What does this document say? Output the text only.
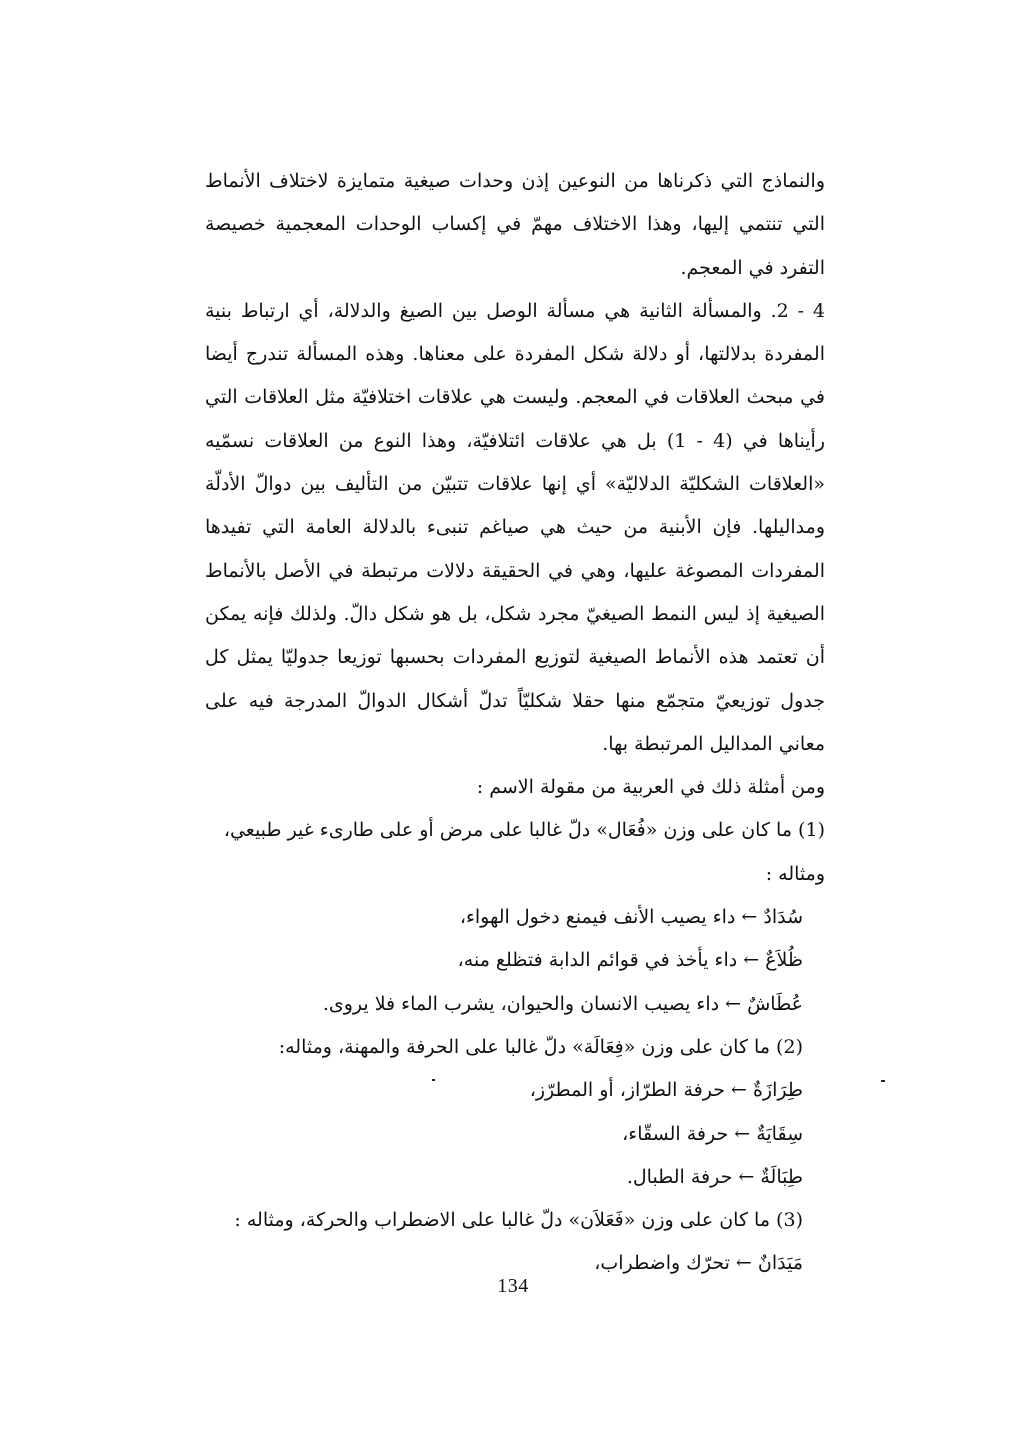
والنماذج التي ذكرناها من النوعين إذن وحدات صيغية متمايزة لاختلاف الأنماط التي تنتمي إليها، وهذا الاختلاف مهمّ في إكساب الوحدات المعجمية خصيصة التفرد في المعجم.

4 - 2. والمسألة الثانية هي مسألة الوصل بين الصيغ والدلالة، أي ارتباط بنية المفردة بدلالتها، أو دلالة شكل المفردة على معناها. وهذه المسألة تندرج أيضا في مبحث العلاقات في المعجم. وليست هي علاقات اختلافيّة مثل العلاقات التي رأيناها في (4 - 1) بل هي علاقات ائتلافيّة، وهذا النوع من العلاقات نسمّيه «العلاقات الشكليّة الدلاليّة» أي إنها علاقات تتبيّن من التأليف بين دوالّ الأدلّة ومداليلها. فإن الأبنية من حيث هي صياغم تنبىء بالدلالة العامة التي تفيدها المفردات المصوغة عليها، وهي في الحقيقة دلالات مرتبطة في الأصل بالأنماط الصيغية إذ ليس النمط الصيغيّ مجرد شكل، بل هو شكل دالّ. ولذلك فإنه يمكن أن تعتمد هذه الأنماط الصيغية لتوزيع المفردات بحسبها توزيعا جدوليّا يمثل كل جدول توزيعيّ متجمّع منها حقلا شكليّاً تدلّ أشكال الدوالّ المدرجة فيه على معاني المداليل المرتبطة بها.

ومن أمثلة ذلك في العربية من مقولة الاسم :

(1) ما كان على وزن «فُعَال» دلّ غالبا على مرض أو على طارىء غير طبيعي،

ومثاله :

سُدَادٌ ← داء يصيب الأنف فيمنع دخول الهواء،

ظُلاَعٌ ← داء يأخذ في قوائم الدابة فتظلع منه،

عُطَاشٌ ← داء يصيب الانسان والحيوان، يشرب الماء فلا يروى.

(2) ما كان على وزن «فِعَالَة» دلّ غالبا على الحرفة والمهنة، ومثاله:

طِرَازَةٌ ← حرفة الطرّاز، أو المطرّز،

سِقَايَةٌ ← حرفة السقّاء،

طِبَالَةٌ ← حرفة الطبال.

(3) ما كان على وزن «فَعَلاَن» دلّ غالبا على الاضطراب والحركة، ومثاله :

مَيَدَانٌ ← تحرّك واضطراب،

134
